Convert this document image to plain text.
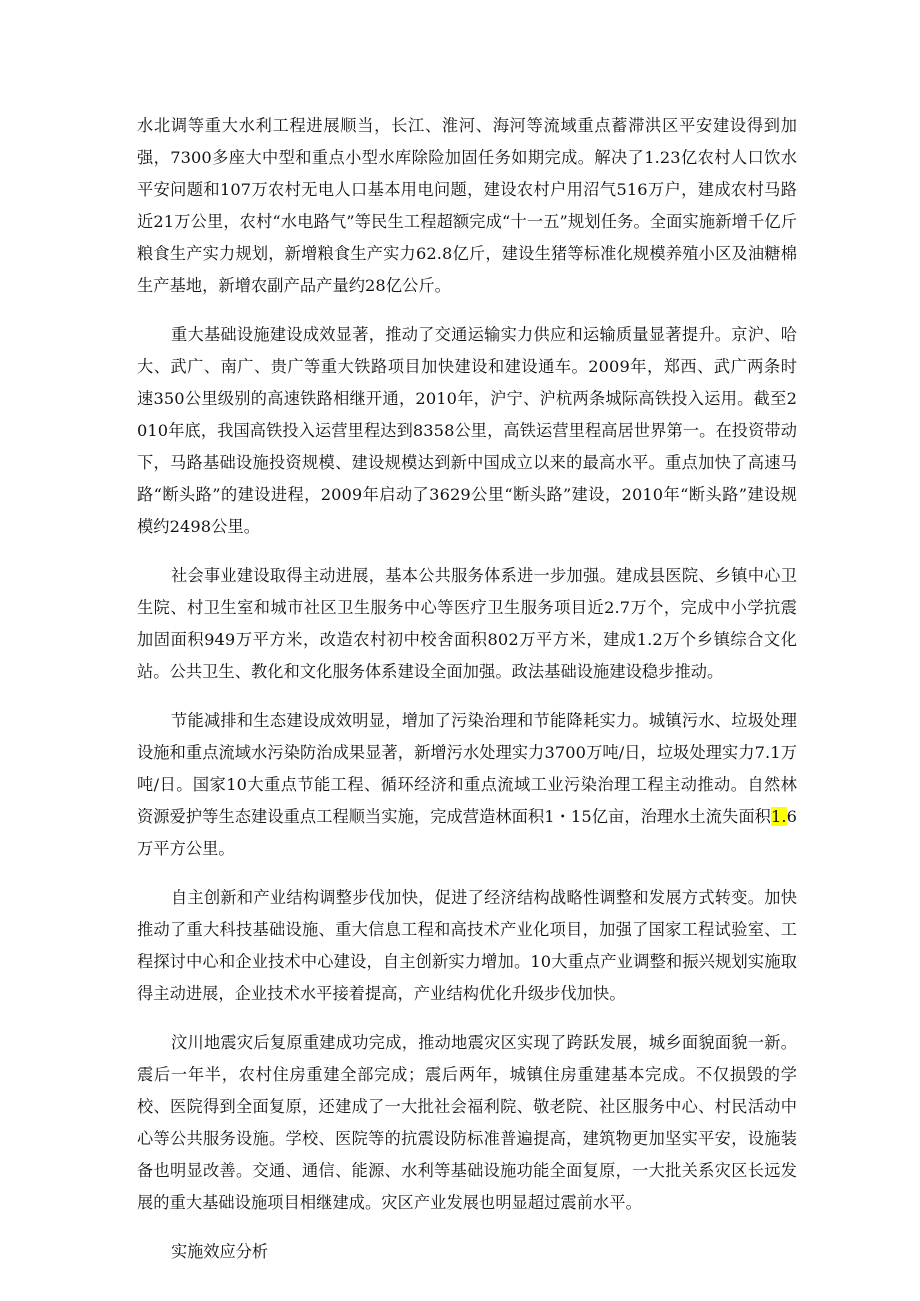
水北调等重大水利工程进展顺当，长江、淮河、海河等流域重点蓄滞洪区平安建设得到加强，7300多座大中型和重点小型水库除险加固任务如期完成。解决了1.23亿农村人口饮水平安问题和107万农村无电人口基本用电问题，建设农村户用沼气516万户，建成农村马路近21万公里，农村“水电路气”等民生工程超额完成“十一五”规划任务。全面实施新增千亿斤粮食生产实力规划，新增粮食生产实力62.8亿斤，建设生猪等标准化规模养殖小区及油糖棉生产基地，新增农副产品产量约28亿公斤。

重大基础设施建设成效显著，推动了交通运输实力供应和运输质量显著提升。京沪、哈大、武广、南广、贵广等重大铁路项目加快建设和建设通车。2009年，郑西、武广两条时速350公里级别的高速铁路相继开通，2010年，沪宁、沪杭两条城际高铁投入运用。截至2010年底，我国高铁投入运营里程达到8358公里，高铁运营里程高居世界第一。在投资带动下，马路基础设施投资规模、建设规模达到新中国成立以来的最高水平。重点加快了高速马路“断头路”的建设进程，2009年启动了3629公里“断头路”建设，2010年“断头路”建设规模约2498公里。

社会事业建设取得主动进展，基本公共服务体系进一步加强。建成县医院、乡镇中心卫生院、村卫生室和城市社区卫生服务中心等医疗卫生服务项目近2.7万个，完成中小学抗震加固面积949万平方米，改造农村初中校舍面积802万平方米，建成1.2万个乡镇综合文化站。公共卫生、教化和文化服务体系建设全面加强。政法基础设施建设稳步推动。

节能减排和生态建设成效明显，增加了污染治理和节能降耗实力。城镇污水、垃圾处理设施和重点流域水污染防治成果显著，新增污水处理实力3700万吨/日，垃圾处理实力7.1万吨/日。国家10大重点节能工程、循环经济和重点流域工业污染治理工程主动推动。自然林资源爱护等生态建设重点工程顺当实施，完成营造林面积1・15亿亩，治理水土流失面积1.6万平方公里。

自主创新和产业结构调整步伐加快，促进了经济结构战略性调整和发展方式转变。加快推动了重大科技基础设施、重大信息工程和高技术产业化项目，加强了国家工程试验室、工程探讨中心和企业技术中心建设，自主创新实力增加。10大重点产业调整和振兴规划实施取得主动进展，企业技术水平接着提高，产业结构优化升级步伐加快。

汶川地震灾后复原重建成功完成，推动地震灾区实现了跨跃发展，城乡面貌面貌一新。震后一年半，农村住房重建全部完成；震后两年，城镇住房重建基本完成。不仅损毁的学校、医院得到全面复原，还建成了一大批社会福利院、敬老院、社区服务中心、村民活动中心等公共服务设施。学校、医院等的抗震设防标准普遍提高，建筑物更加坚实平安，设施装备也明显改善。交通、通信、能源、水利等基础设施功能全面复原，一大批关系灾区长远发展的重大基础设施项目相继建成。灾区产业发展也明显超过震前水平。

实施效应分析
